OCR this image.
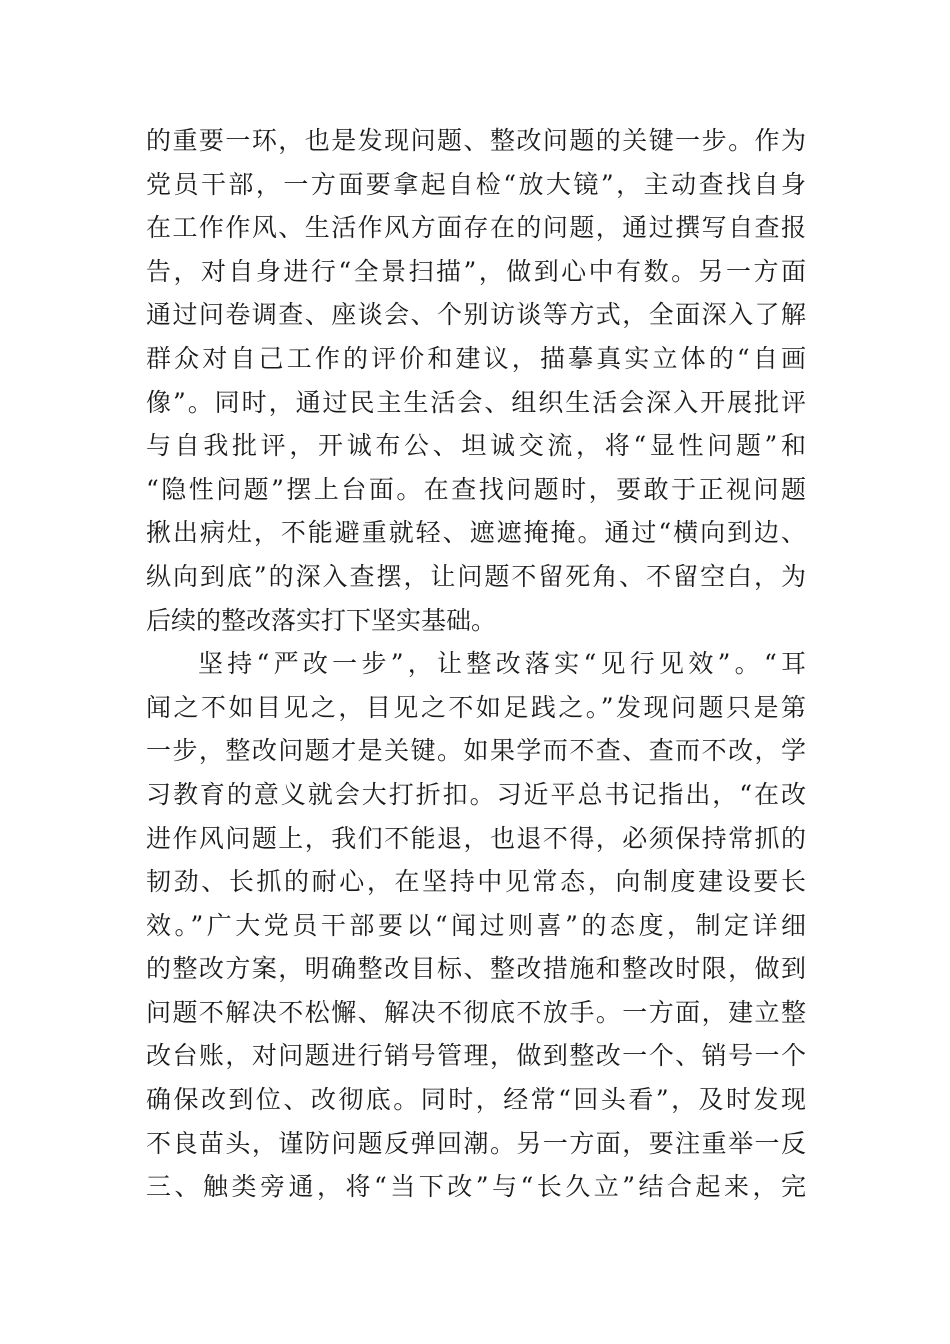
的重要一环，也是发现问题、整改问题的关键一步。作为
党员干部，一方面要拿起自检“放大镜”，主动查找自身
在工作作风、生活作风方面存在的问题，通过撰写自查报
告，对自身进行“全景扫描”，做到心中有数。另一方面
通过问卷调查、座谈会、个别访谈等方式，全面深入了解
群众对自己工作的评价和建议，描摹真实立体的“自画
像”。同时，通过民主生活会、组织生活会深入开展批评
与自我批评，开诚布公、坦诚交流，将“显性问题”和
“隐性问题”摆上台面。在查找问题时，要敢于正视问题
揪出病灶，不能避重就轻、遮遮掩掩。通过“横向到边、
纵向到底”的深入查摆，让问题不留死角、不留空白，为
后续的整改落实打下坚实基础。
坚持“严改一步”，让整改落实“见行见效”。“耳
闻之不如目见之，目见之不如足践之。”发现问题只是第
一步，整改问题才是关键。如果学而不查、查而不改，学
习教育的意义就会大打折扣。习近平总书记指出，“在改
进作风问题上，我们不能退，也退不得，必须保持常抓的
韧劲、长抓的耐心，在坚持中见常态，向制度建设要长
效。”广大党员干部要以“闻过则喜”的态度，制定详细
的整改方案，明确整改目标、整改措施和整改时限，做到
问题不解决不松懈、解决不彻底不放手。一方面，建立整
改台账，对问题进行销号管理，做到整改一个、销号一个
确保改到位、改彻底。同时，经常“回头看”，及时发现
不良苗头，谨防问题反弹回潮。另一方面，要注重举一反
三、触类旁通，将“当下改”与“长久立”结合起来，完
